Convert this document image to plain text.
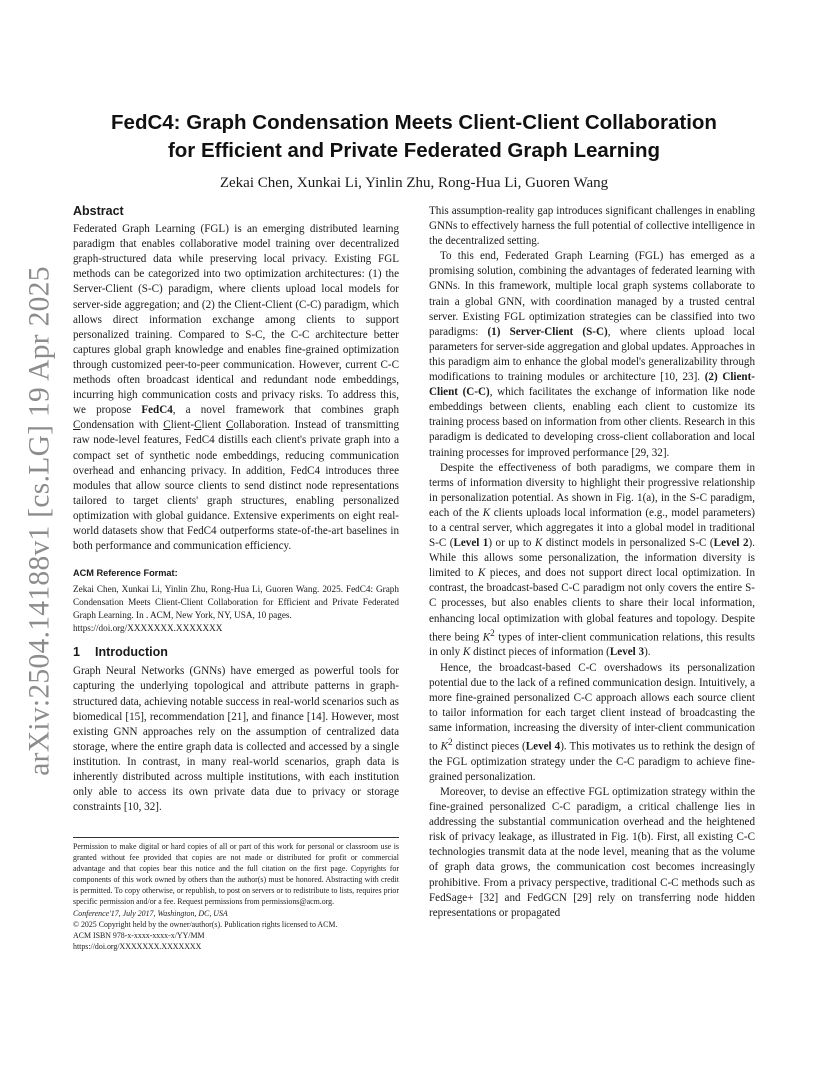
arXiv:2504.14188v1 [cs.LG] 19 Apr 2025
FedC4: Graph Condensation Meets Client-Client Collaboration
for Efficient and Private Federated Graph Learning
Zekai Chen, Xunkai Li, Yinlin Zhu, Rong-Hua Li, Guoren Wang
Abstract

Federated Graph Learning (FGL) is an emerging distributed learning paradigm that enables collaborative model training over decentralized graph-structured data while preserving local privacy. Existing FGL methods can be categorized into two optimization architectures: (1) the Server-Client (S-C) paradigm, where clients upload local models for server-side aggregation; and (2) the Client-Client (C-C) paradigm, which allows direct information exchange among clients to support personalized training. Compared to S-C, the C-C architecture better captures global graph knowledge and enables fine-grained optimization through customized peer-to-peer communication. However, current C-C methods often broadcast identical and redundant node embeddings, incurring high communication costs and privacy risks. To address this, we propose FedC4, a novel framework that combines graph Condensation with Client-Client Collaboration. Instead of transmitting raw node-level features, FedC4 distills each client's private graph into a compact set of synthetic node embeddings, reducing communication overhead and enhancing privacy. In addition, FedC4 introduces three modules that allow source clients to send distinct node representations tailored to target clients' graph structures, enabling personalized optimization with global guidance. Extensive experiments on eight real-world datasets show that FedC4 outperforms state-of-the-art baselines in both performance and communication efficiency.

ACM Reference Format:

Zekai Chen, Xunkai Li, Yinlin Zhu, Rong-Hua Li, Guoren Wang. 2025. FedC4: Graph Condensation Meets Client-Client Collaboration for Efficient and Private Federated Graph Learning. In . ACM, New York, NY, USA, 10 pages.
https://doi.org/XXXXXXX.XXXXXXX

1 Introduction

Graph Neural Networks (GNNs) have emerged as powerful tools for capturing the underlying topological and attribute patterns in graph-structured data, achieving notable success in real-world scenarios such as biomedical [15], recommendation [21], and finance [14]. However, most existing GNN approaches rely on the assumption of centralized data storage, where the entire graph data is collected and accessed by a single institution. In contrast, in many real-world scenarios, graph data is inherently distributed across multiple institutions, with each institution only able to access its own private data due to privacy or storage constraints [10, 32].

Permission to make digital or hard copies of all or part of this work for personal or classroom use is granted without fee provided that copies are not made or distributed for profit or commercial advantage and that copies bear this notice and the full citation on the first page. Copyrights for components of this work owned by others than the author(s) must be honored. Abstracting with credit is permitted. To copy otherwise, or republish, to post on servers or to redistribute to lists, requires prior specific permission and/or a fee. Request permissions from permissions@acm.org.

Conference'17, July 2017, Washington, DC, USA

© 2025 Copyright held by the owner/author(s). Publication rights licensed to ACM.

ACM ISBN 978-x-xxxx-xxxx-x/YY/MM

https://doi.org/XXXXXXX.XXXXXXX

This assumption-reality gap introduces significant challenges in enabling GNNs to effectively harness the full potential of collective intelligence in the decentralized setting.

To this end, Federated Graph Learning (FGL) has emerged as a promising solution, combining the advantages of federated learning with GNNs. In this framework, multiple local graph systems collaborate to train a global GNN, with coordination managed by a trusted central server. Existing FGL optimization strategies can be classified into two paradigms: (1) Server-Client (S-C), where clients upload local parameters for server-side aggregation and global updates. Approaches in this paradigm aim to enhance the global model's generalizability through modifications to training modules or architecture [10, 23]. (2) Client-Client (C-C), which facilitates the exchange of information like node embeddings between clients, enabling each client to customize its training process based on information from other clients. Research in this paradigm is dedicated to developing cross-client collaboration and local training processes for improved performance [29, 32].

Despite the effectiveness of both paradigms, we compare them in terms of information diversity to highlight their progressive relationship in personalization potential. As shown in Fig. 1(a), in the S-C paradigm, each of the K clients uploads local information (e.g., model parameters) to a central server, which aggregates it into a global model in traditional S-C (Level 1) or up to K distinct models in personalized S-C (Level 2). While this allows some personalization, the information diversity is limited to K pieces, and does not support direct local optimization. In contrast, the broadcast-based C-C paradigm not only covers the entire S-C processes, but also enables clients to share their local information, enhancing local optimization with global features and topology. Despite there being $K^2$ types of inter-client communication relations, this results in only K distinct pieces of information (Level 3).

Hence, the broadcast-based C-C overshadows its personalization potential due to the lack of a refined communication design. Intuitively, a more fine-grained personalized C-C approach allows each source client to tailor information for each target client instead of broadcasting the same information, increasing the diversity of inter-client communication to $K^2$ distinct pieces (Level 4). This motivates us to rethink the design of the FGL optimization strategy under the C-C paradigm to achieve fine-grained personalization.

Moreover, to devise an effective FGL optimization strategy within the fine-grained personalized C-C paradigm, a critical challenge lies in addressing the substantial communication overhead and the heightened risk of privacy leakage, as illustrated in Fig. 1(b). First, all existing C-C technologies transmit data at the node level, meaning that as the volume of graph data grows, the communication cost becomes increasingly prohibitive. From a privacy perspective, traditional C-C methods such as FedSage+ [32] and FedGCN [29] rely on transferring node hidden representations or propagated
